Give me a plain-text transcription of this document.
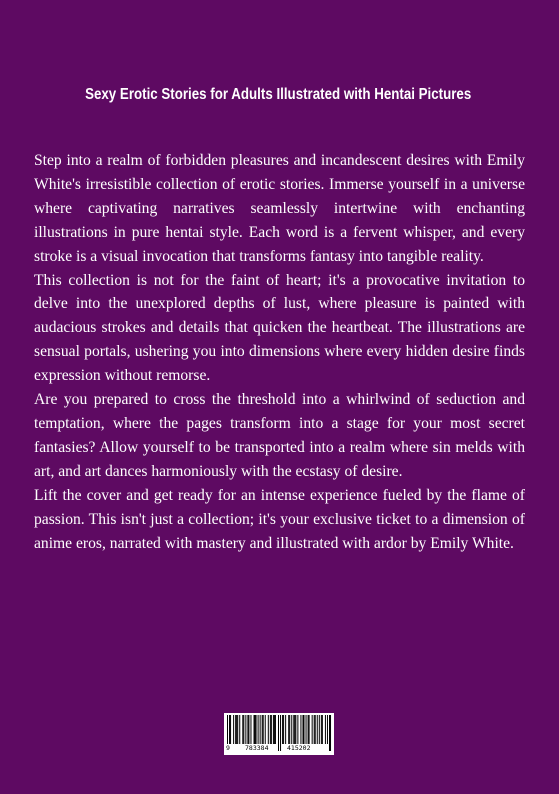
Sexy Erotic Stories for Adults Illustrated with Hentai Pictures

Step into a realm of forbidden pleasures and incandescent desires with Emily White's irresistible collection of erotic stories. Immerse yourself in a universe where captivating narratives seamlessly intertwine with enchanting illustrations in pure hentai style. Each word is a fervent whisper, and every stroke is a visual invocation that transforms fantasy into tangible reality.

This collection is not for the faint of heart; it's a provocative invitation to delve into the unexplored depths of lust, where pleasure is painted with audacious strokes and details that quicken the heartbeat. The illustrations are sensual portals, ushering you into dimensions where every hidden desire finds expression without remorse.

Are you prepared to cross the threshold into a whirlwind of seduction and temptation, where the pages transform into a stage for your most secret fantasies? Allow yourself to be transported into a realm where sin melds with art, and art dances harmoniously with the ecstasy of desire.

Lift the cover and get ready for an intense experience fueled by the flame of passion. This isn't just a collection; it's your exclusive ticket to a dimension of anime eros, narrated with mastery and illustrated with ardor by Emily White.

9 783384	415202
